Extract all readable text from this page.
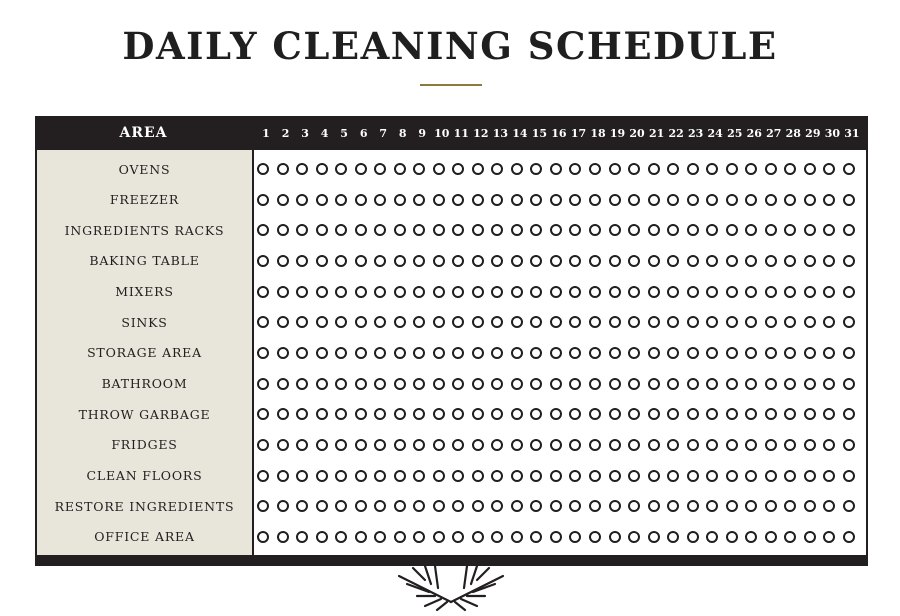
DAILY CLEANING SCHEDULE
AREA	1	2	3	4	5	6	7	8	9 10 11 12 13 14 15 16 17 18 19 20 21 22 23 24 25 26 27 28 29 30 31
OVENS
FREEZER
INGREDIENTS RACKS
BAKING TABLE
MIXERS
SINKS
STORAGE AREA
BATHROOM
THROW GARBAGE
FRIDGES
CLEAN FLOORS
RESTORE INGREDIENTS
OFFICE AREA
